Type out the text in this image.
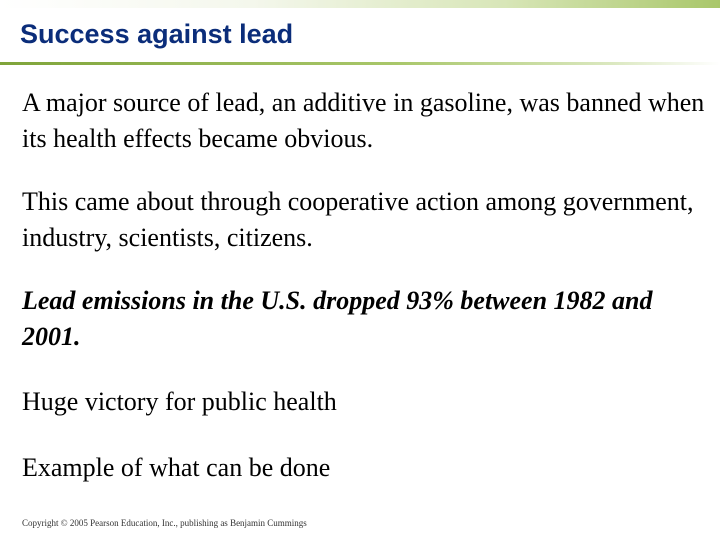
Success against lead
A major source of lead, an additive in gasoline, was banned when its health effects became obvious.
This came about through cooperative action among government, industry, scientists, citizens.
Lead emissions in the U.S. dropped 93% between 1982 and 2001.
Huge victory for public health
Example of what can be done
Copyright © 2005 Pearson Education, Inc., publishing as Benjamin Cummings
